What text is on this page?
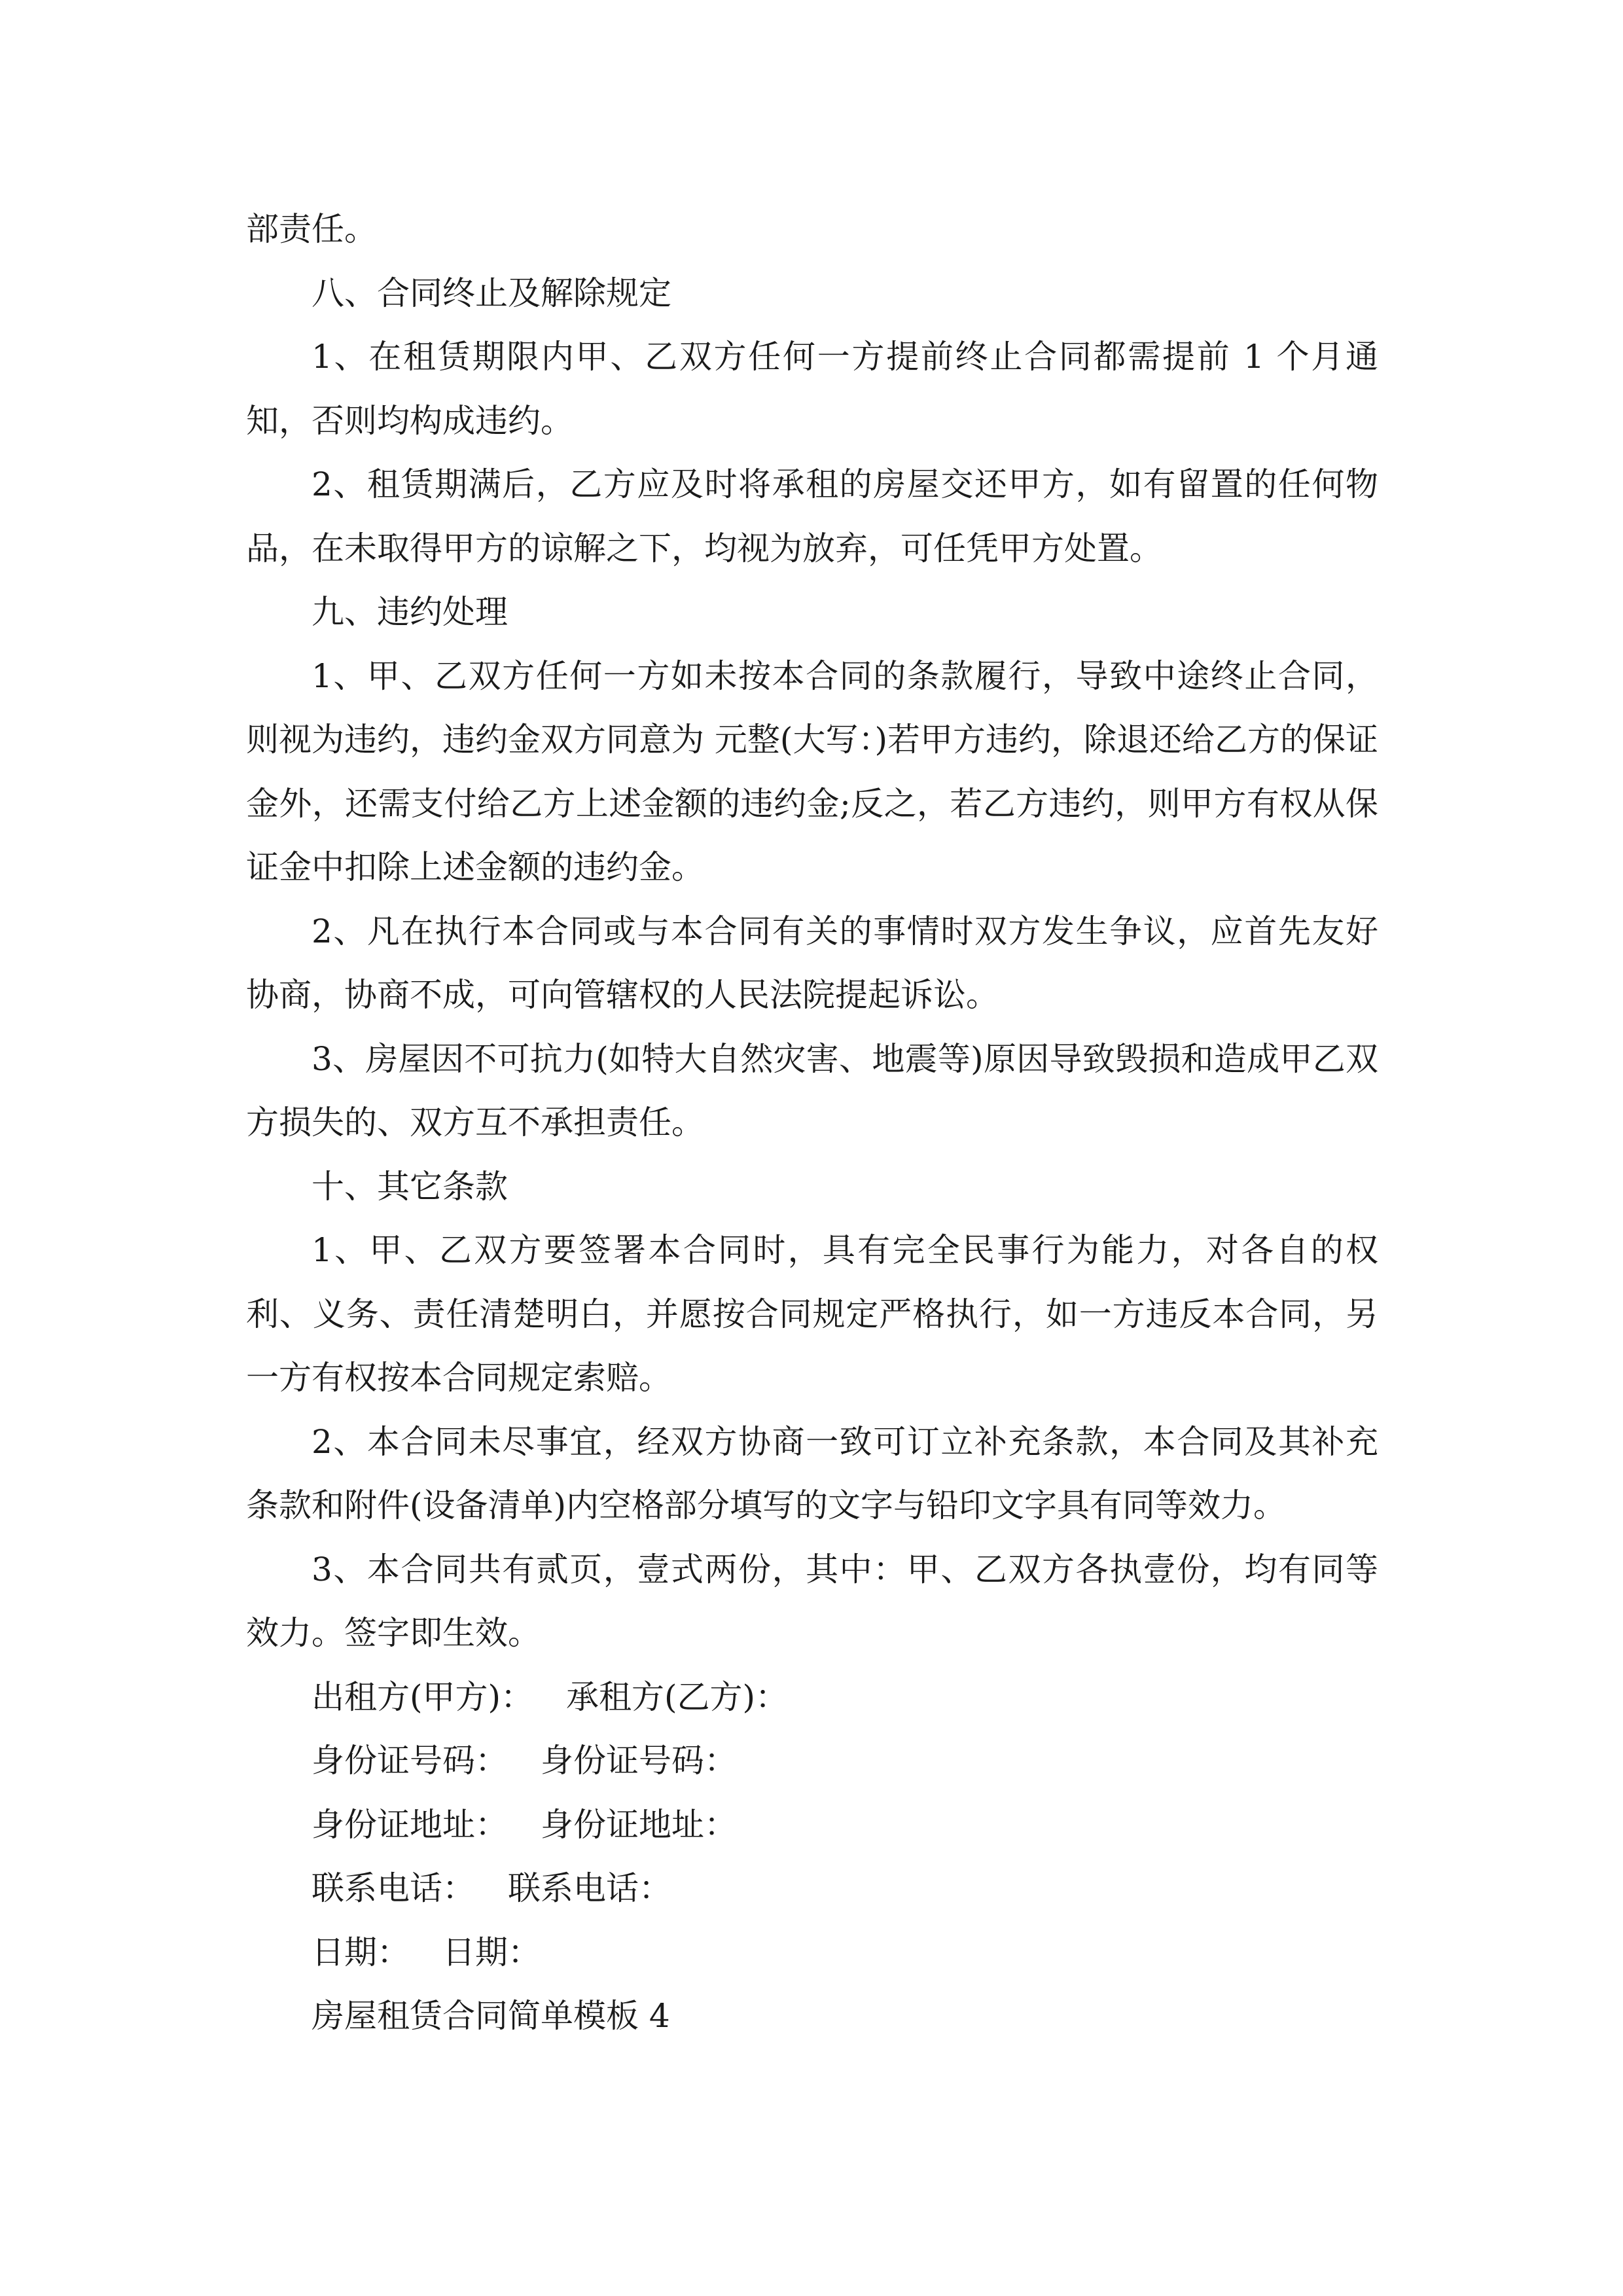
部责任。

八、合同终止及解除规定

1、在租赁期限内甲、乙双方任何一方提前终止合同都需提前 1 个月通知，否则均构成违约。

2、租赁期满后，乙方应及时将承租的房屋交还甲方，如有留置的任何物品，在未取得甲方的谅解之下，均视为放弃，可任凭甲方处置。

九、违约处理

1、甲、乙双方任何一方如未按本合同的条款履行，导致中途终止合同，则视为违约，违约金双方同意为 元整(大写：)若甲方违约，除退还给乙方的保证金外，还需支付给乙方上述金额的违约金;反之，若乙方违约，则甲方有权从保证金中扣除上述金额的违约金。

2、凡在执行本合同或与本合同有关的事情时双方发生争议，应首先友好协商，协商不成，可向管辖权的人民法院提起诉讼。

3、房屋因不可抗力(如特大自然灾害、地震等)原因导致毁损和造成甲乙双方损失的、双方互不承担责任。

十、其它条款

1、甲、乙双方要签署本合同时，具有完全民事行为能力，对各自的权利、义务、责任清楚明白，并愿按合同规定严格执行，如一方违反本合同，另一方有权按本合同规定索赔。

2、本合同未尽事宜，经双方协商一致可订立补充条款，本合同及其补充条款和附件(设备清单)内空格部分填写的文字与铅印文字具有同等效力。

3、本合同共有贰页，壹式两份，其中：甲、乙双方各执壹份，均有同等效力。签字即生效。

出租方(甲方)： 承租方(乙方)：

身份证号码： 身份证号码：

身份证地址： 身份证地址：

联系电话： 联系电话：

日期： 日期：

房屋租赁合同简单模板 4
